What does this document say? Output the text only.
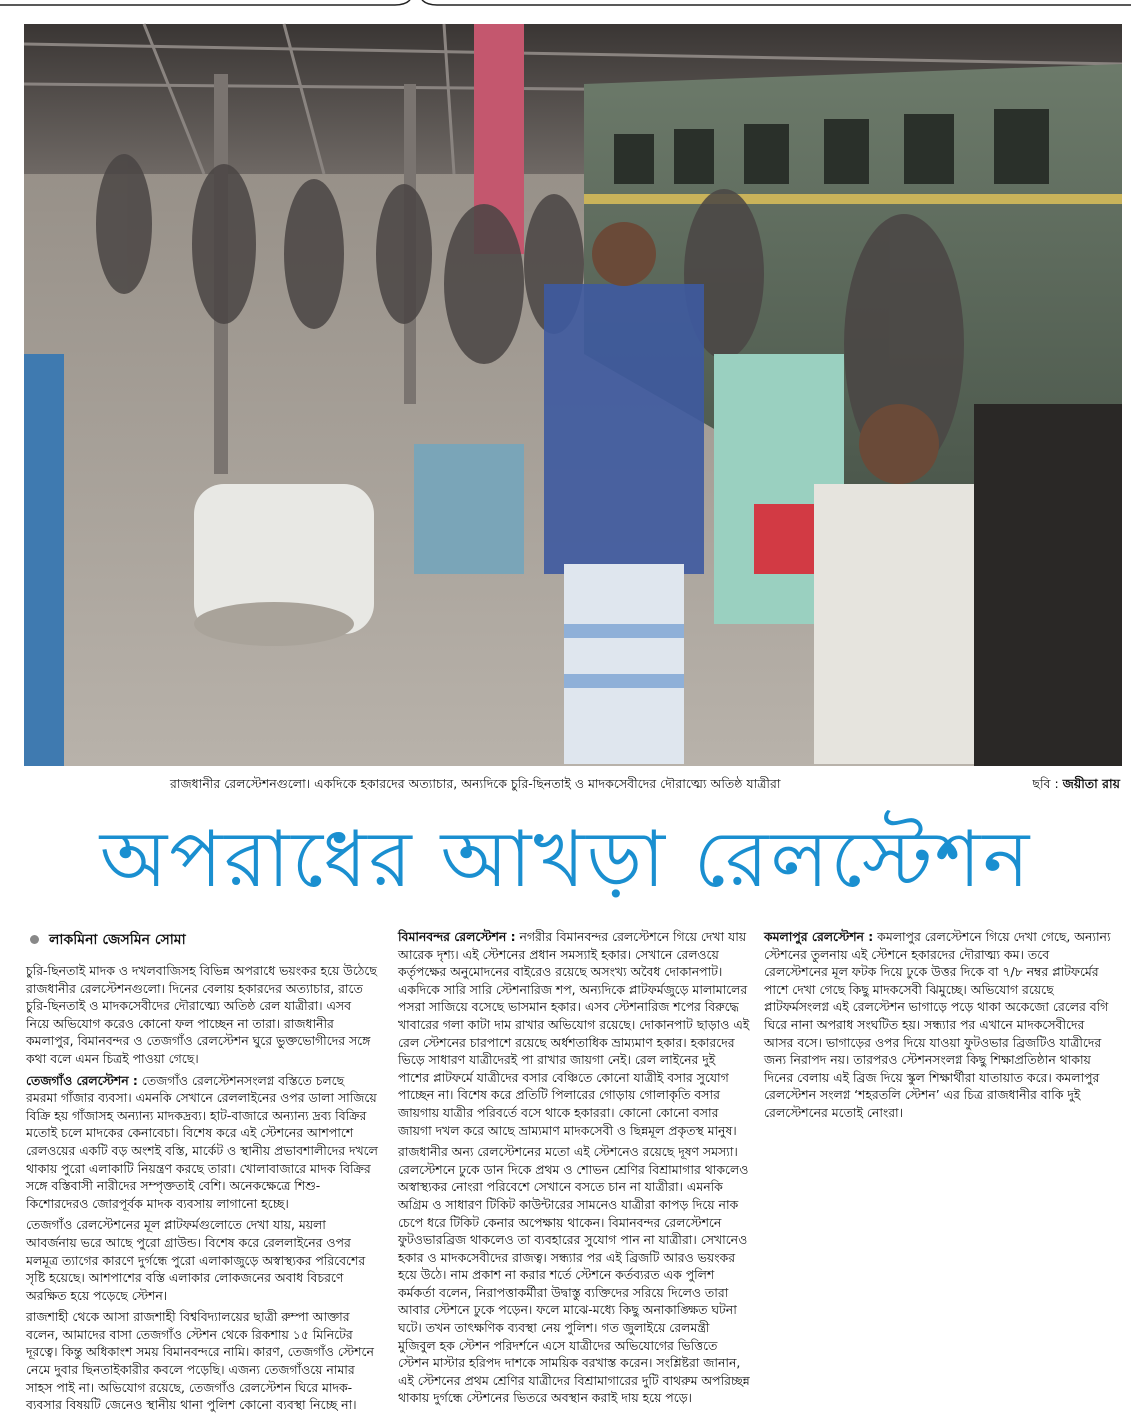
রাজধানীর রেলস্টেশনগুলো। একদিকে হকারদের অত্যাচার, অন্যদিকে চুরি-ছিনতাই ও মাদকসেবীদের দৌরাত্ম্যে অতিষ্ঠ যাত্রীরা	ছবি : জয়ীতা রায়
অপরাধের আখড়া রেলস্টেশন
লাকমিনা জেসমিন সোমা

চুরি-ছিনতাই মাদক ও দখলবাজিসহ বিভিন্ন অপরাধে ভয়ংকর হয়ে উঠেছে রাজধানীর রেলস্টেশনগুলো। দিনের বেলায় হকারদের অত্যাচার, রাতে চুরি-ছিনতাই ও মাদকসেবীদের দৌরাত্ম্যে অতিষ্ঠ রেল যাত্রীরা। এসব নিয়ে অভিযোগ করেও কোনো ফল পাচ্ছেন না তারা। রাজধানীর কমলাপুর, বিমানবন্দর ও তেজগাঁও রেলস্টেশন ঘুরে ভুক্তভোগীদের সঙ্গে কথা বলে এমন চিত্রই পাওয়া গেছে।

তেজগাঁও রেলস্টেশন : তেজগাঁও রেলস্টেশনসংলগ্ন বস্তিতে চলছে রমরমা গাঁজার ব্যবসা। এমনকি সেখানে রেললাইনের ওপর ডালা সাজিয়ে বিক্রি হয় গাঁজাসহ অন্যান্য মাদকদ্রব্য। হাট-বাজারে অন্যান্য দ্রব্য বিক্রির মতোই চলে মাদকের কেনাবেচা। বিশেষ করে এই স্টেশনের আশপাশে রেলওয়ের একটি বড় অংশই বস্তি, মার্কেট ও স্থানীয় প্রভাবশালীদের দখলে থাকায় পুরো এলাকাটি নিয়ন্ত্রণ করছে তারা। খোলাবাজারে মাদক বিক্রির সঙ্গে বস্তিবাসী নারীদের সম্পৃক্ততাই বেশি। অনেকক্ষেত্রে শিশু-কিশোরদেরও জোরপূর্বক মাদক ব্যবসায় লাগানো হচ্ছে।

তেজগাঁও রেলস্টেশনের মূল প্লাটফর্মগুলোতে দেখা যায়, ময়লা আবর্জনায় ভরে আছে পুরো গ্রাউন্ড। বিশেষ করে রেললাইনের ওপর মলমূত্র ত্যাগের কারণে দুর্গন্ধে পুরো এলাকাজুড়ে অস্বাস্থ্যকর পরিবেশের সৃষ্টি হয়েছে। আশপাশের বস্তি এলাকার লোকজনের অবাধ বিচরণে অরক্ষিত হয়ে পড়েছে স্টেশন।

রাজশাহী থেকে আসা রাজশাহী বিশ্ববিদ্যালয়ের ছাত্রী রুম্পা আক্তার বলেন, আমাদের বাসা তেজগাঁও স্টেশন থেকে রিকশায় ১৫ মিনিটের দূরত্বে। কিন্তু অধিকাংশ সময় বিমানবন্দরে নামি। কারণ, তেজগাঁও স্টেশনে নেমে দুবার ছিনতাইকারীর কবলে পড়েছি। এজন্য তেজগাঁওয়ে নামার সাহস পাই না। অভিযোগ রয়েছে, তেজগাঁও রেলস্টেশন ঘিরে মাদক-ব্যবসার বিষয়টি জেনেও স্থানীয় থানা পুলিশ কোনো ব্যবস্থা নিচ্ছে না।

বিমানবন্দর রেলস্টেশন : নগরীর বিমানবন্দর রেলস্টেশনে গিয়ে দেখা যায় আরেক দৃশ্য। এই স্টেশনের প্রধান সমস্যাই হকার। সেখানে রেলওয়ে কর্তৃপক্ষের অনুমোদনের বাইরেও রয়েছে অসংখ্য অবৈধ দোকানপাট। একদিকে সারি সারি স্টেশনারিজ শপ, অন্যদিকে প্লাটফর্মজুড়ে মালামালের পসরা সাজিয়ে বসেছে ভাসমান হকার। এসব স্টেশনারিজ শপের বিরুদ্ধে খাবারের গলা কাটা দাম রাখার অভিযোগ রয়েছে। দোকানপাট ছাড়াও এই রেল স্টেশনের চারপাশে রয়েছে অর্ধশতাধিক ভ্রাম্যমাণ হকার। হকারদের ভিড়ে সাধারণ যাত্রীদেরই পা রাখার জায়গা নেই। রেল লাইনের দুই পাশের প্লাটফর্মে যাত্রীদের বসার বেঞ্চিতে কোনো যাত্রীই বসার সুযোগ পাচ্ছেন না। বিশেষ করে প্রতিটি পিলারের গোড়ায় গোলাকৃতি বসার জায়গায় যাত্রীর পরিবর্তে বসে থাকে হকাররা। কোনো কোনো বসার জায়গা দখল করে আছে ভ্রাম্যমাণ মাদকসেবী ও ছিন্নমূল প্রকৃতস্থ মানুষ।

রাজধানীর অন্য রেলস্টেশনের মতো এই স্টেশনেও রয়েছে দূষণ সমস্যা। রেলস্টেশনে ঢুকে ডান দিকে প্রথম ও শোভন শ্রেণির বিশ্রামাগার থাকলেও অস্বাস্থ্যকর নোংরা পরিবেশে সেখানে বসতে চান না যাত্রীরা। এমনকি অগ্রিম ও সাধারণ টিকিট কাউন্টারের সামনেও যাত্রীরা কাপড় দিয়ে নাক চেপে ধরে টিকিট কেনার অপেক্ষায় থাকেন। বিমানবন্দর রেলস্টেশনে ফুটওভারব্রিজ থাকলেও তা ব্যবহারের সুযোগ পান না যাত্রীরা। সেখানেও হকার ও মাদকসেবীদের রাজত্ব। সন্ধ্যার পর এই ব্রিজটি আরও ভয়ংকর হয়ে উঠে। নাম প্রকাশ না করার শর্তে স্টেশনে কর্তব্যরত এক পুলিশ কর্মকর্তা বলেন, নিরাপত্তাকর্মীরা উদ্বাস্তু ব্যক্তিদের সরিয়ে দিলেও তারা আবার স্টেশনে ঢুকে পড়েন। ফলে মাঝে-মধ্যে কিছু অনাকাঙ্ক্ষিত ঘটনা ঘটে। তখন তাৎক্ষণিক ব্যবস্থা নেয় পুলিশ। গত জুলাইয়ে রেলমন্ত্রী মুজিবুল হক স্টেশন পরিদর্শনে এসে যাত্রীদের অভিযোগের ভিত্তিতে স্টেশন মাস্টার হরিপদ দাশকে সাময়িক বরখাস্ত করেন। সংশ্লিষ্টরা জানান, এই স্টেশনের প্রথম শ্রেণির যাত্রীদের বিশ্রামাগারের দুটি বাথরুম অপরিচ্ছন্ন থাকায় দুর্গন্ধে স্টেশনের ভিতরে অবস্থান করাই দায় হয়ে পড়ে।

কমলাপুর রেলস্টেশন : কমলাপুর রেলস্টেশনে গিয়ে দেখা গেছে, অন্যান্য স্টেশনের তুলনায় এই স্টেশনে হকারদের দৌরাত্ম্য কম। তবে রেলস্টেশনের মূল ফটক দিয়ে ঢুকে উত্তর দিকে বা ৭/৮ নম্বর প্লাটফর্মের পাশে দেখা গেছে কিছু মাদকসেবী ঝিমুচ্ছে। অভিযোগ রয়েছে প্লাটফর্মসংলগ্ন এই রেলস্টেশন ভাগাড়ে পড়ে থাকা অকেজো রেলের বগি ঘিরে নানা অপরাধ সংঘটিত হয়। সন্ধ্যার পর এখানে মাদকসেবীদের আসর বসে। ভাগাড়ের ওপর দিয়ে যাওয়া ফুটওভার ব্রিজটিও যাত্রীদের জন্য নিরাপদ নয়। তারপরও স্টেশনসংলগ্ন কিছু শিক্ষাপ্রতিষ্ঠান থাকায় দিনের বেলায় এই ব্রিজ দিয়ে স্কুল শিক্ষার্থীরা যাতায়াত করে। কমলাপুর রেলস্টেশন সংলগ্ন ‘শহরতলি স্টেশন’ এর চিত্র রাজধানীর বাকি দুই রেলস্টেশনের মতোই নোংরা।
